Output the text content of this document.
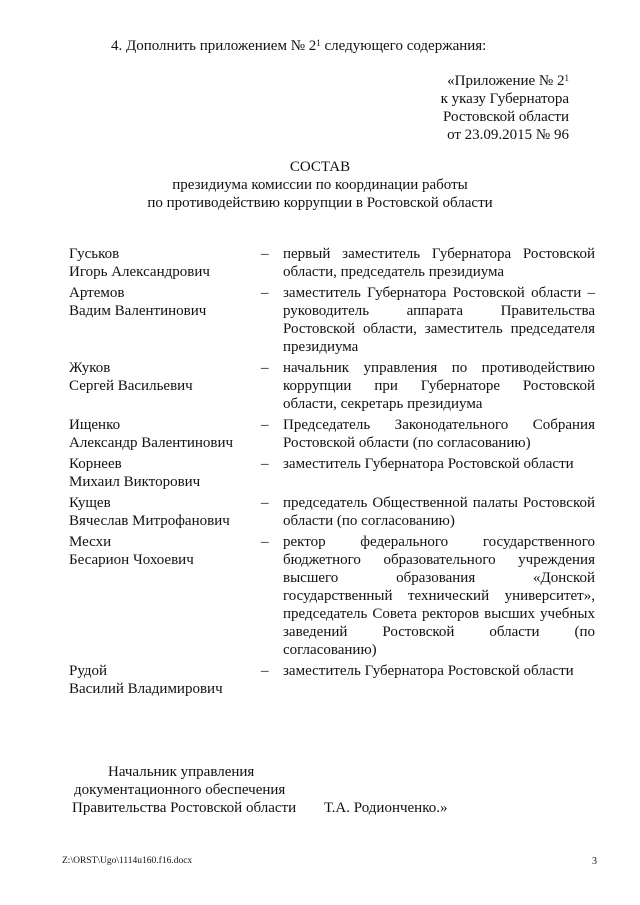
4. Дополнить приложением № $2^1$ следующего содержания:
«Приложение № $2^1$
к указу Губернатора
Ростовской области
от 23.09.2015 № 96
СОСТАВ
президиума комиссии по координации работы
по противодействию коррупции в Ростовской области
Гуськов
Игорь Александрович
– первый заместитель Губернатора Ростовской области, председатель президиума
Артемов
Вадим Валентинович
– заместитель Губернатора Ростовской области – руководитель аппарата Правительства Ростовской области, заместитель председателя президиума
Жуков
Сергей Васильевич
– начальник управления по противодействию коррупции при Губернаторе Ростовской области, секретарь президиума
Ищенко
Александр Валентинович
– Председатель Законодательного Собрания Ростовской области (по согласованию)
Корнеев
Михаил Викторович
– заместитель Губернатора Ростовской области
Кущев
Вячеслав Митрофанович
– председатель Общественной палаты Ростовской области (по согласованию)
Месхи
Бесарион Чохоевич
– ректор федерального государственного бюджетного образовательного учреждения высшего образования «Донской государственный технический университет», председатель Совета ректоров высших учебных заведений Ростовской области (по согласованию)
Рудой
Василий Владимирович
– заместитель Губернатора Ростовской области
Начальник управления
документационного обеспечения
Правительства Ростовской области Т.А. Родионченко.»
Z:\ORST\Ugo\1114u160.f16.docx	3
